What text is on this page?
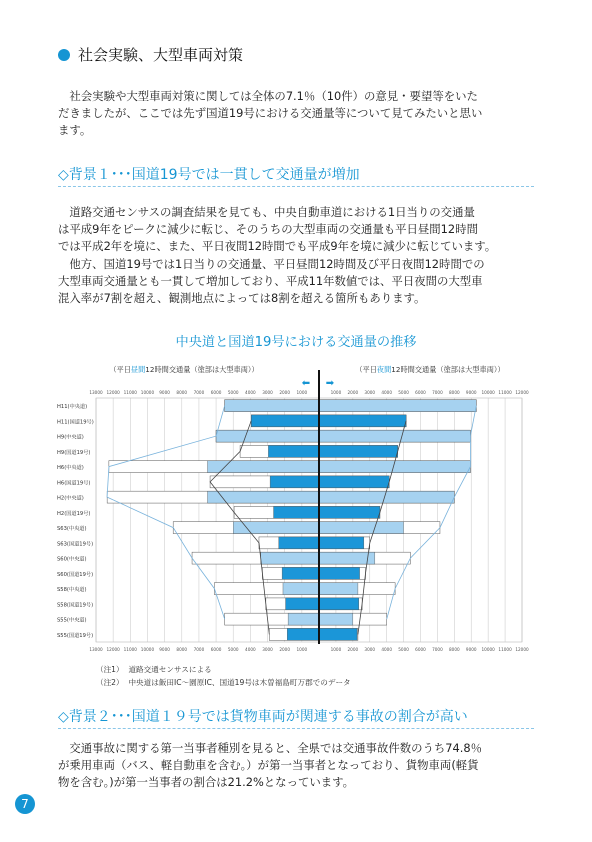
社会実験、大型車両対策

社会実験や大型車両対策に関しては全体の7.1％（10件）の意見・要望等をいた

だきましたが、ここでは先ず国道19号における交通量等について見てみたいと思い

ます。

◇背景１･･･国道19号では一貫して交通量が増加

道路交通センサスの調査結果を見ても、中央自動車道における1日当りの交通量

は平成9年をピークに減少に転じ、そのうちの大型車両の交通量も平日昼間12時間

では平成2年を境に、また、平日夜間12時間でも平成9年を境に減少に転じています。

他方、国道19号では1日当りの交通量、平日昼間12時間及び平日夜間12時間での

大型車両交通量とも一貫して増加しており、平成11年数値では、平日夜間の大型車

混入率が7割を超え、観測地点によっては8割を超える箇所もあります。

中央道と国道19号における交通量の推移
（平日昼間12時間交通量（塗部は大型車両））	（平日夜間12時間交通量（塗部は大型車両））
⬅ ➡
13000 12000 11000 10000 9000 8000 7000 6000 5000 4000 3000 2000 1000	1000 2000 3000 4000 5000 6000 7000 8000 9000 10000 11000 12000
13000 12000 11000 10000 9000 8000 7000 6000 5000 4000 3000 2000 1000	1000 2000 3000 4000 5000 6000 7000 8000 9000 10000 11000 12000
H11(中央道)
H11(国道19号)
H9(中央道)
H9(国道19号)
H6(中央道)
H6(国道19号)
H2(中央道)
H2(国道19号)
S63(中央道)
S63(国道19号)
S60(中央道)
S60(国道19号)
S58(中央道)
S58(国道19号)
S55(中央道)
S55(国道19号)
（注1） 道路交通センサスによる
（注2） 中央道は飯田IC～園原IC、国道19号は木曽福島町万郡でのデータ
◇背景２･･･国道１９号では貨物車両が関連する事故の割合が高い

交通事故に関する第一当事者種別を見ると、全県では交通事故件数のうち74.8％

が乗用車両（バス、軽自動車を含む。）が第一当事者となっており、貨物車両(軽貨

物を含む。)が第一当事者の割合は21.2%となっています。

7
